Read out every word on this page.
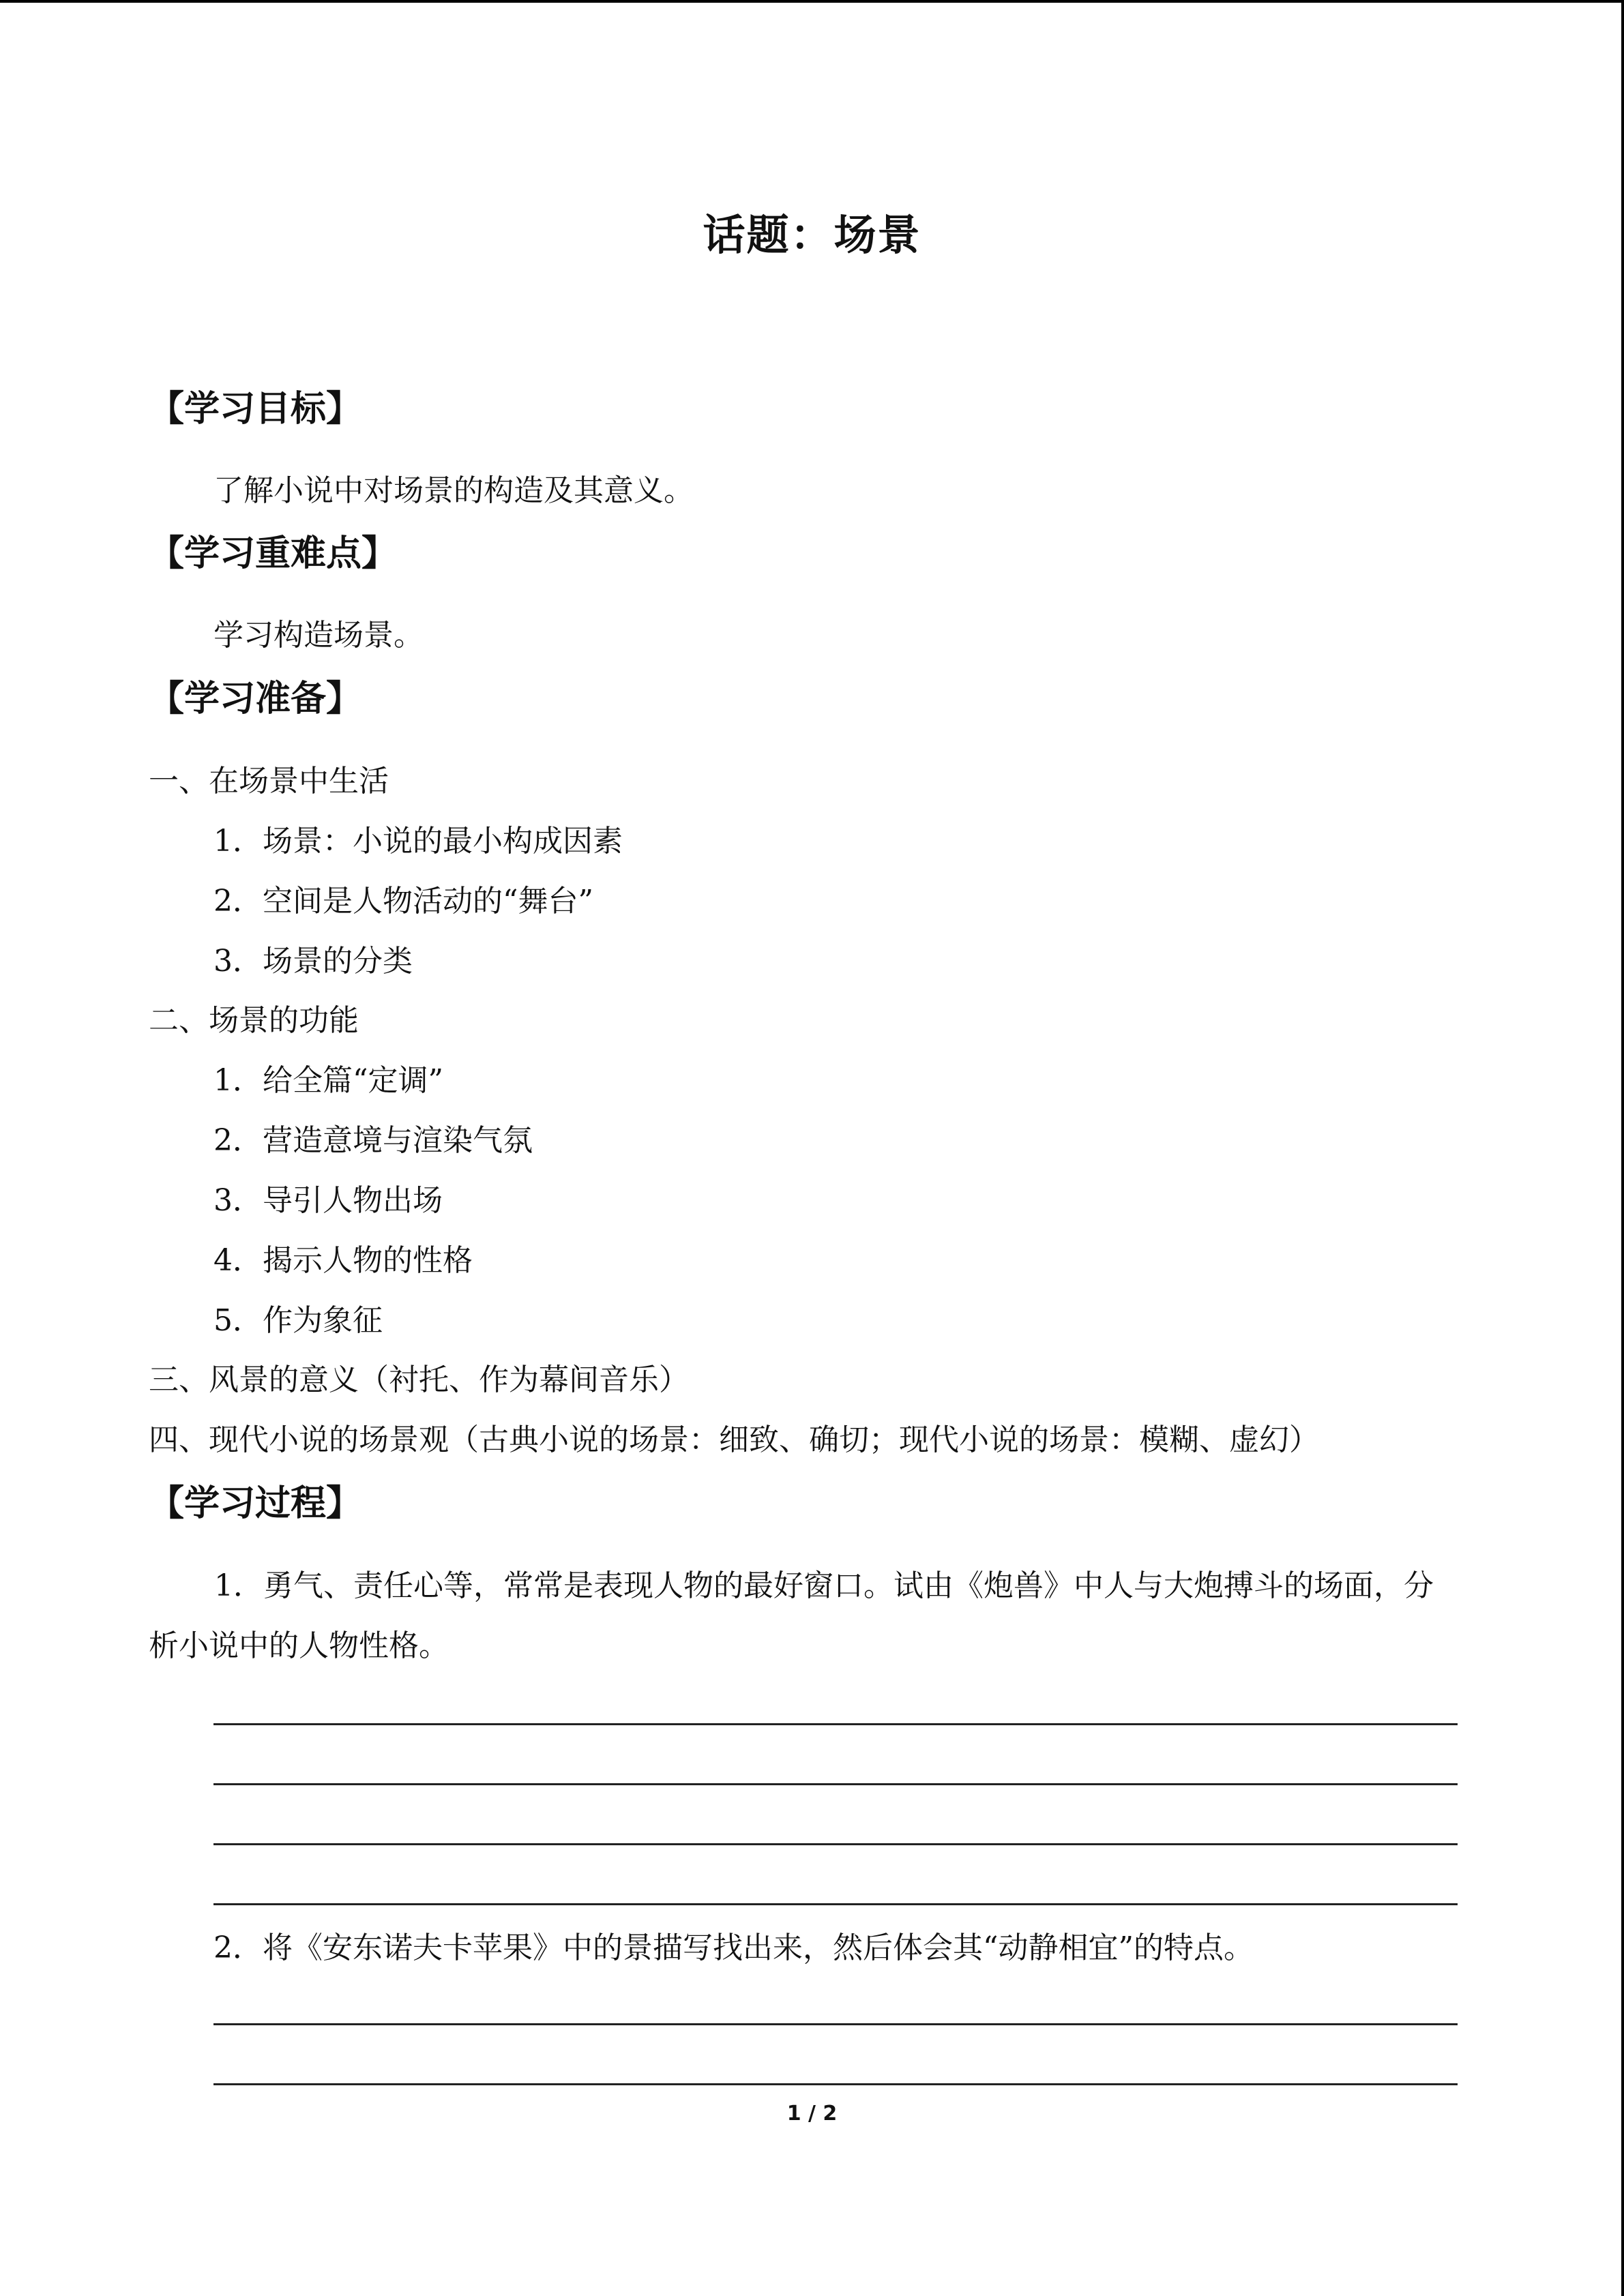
话题：场景
【学习目标】
了解小说中对场景的构造及其意义。
【学习重难点】
学习构造场景。
【学习准备】
一、在场景中生活
1．场景：小说的最小构成因素
2．空间是人物活动的“舞台”
3．场景的分类
二、场景的功能
1．给全篇“定调”
2．营造意境与渲染气氛
3．导引人物出场
4．揭示人物的性格
5．作为象征
三、风景的意义（衬托、作为幕间音乐）
四、现代小说的场景观（古典小说的场景：细致、确切；现代小说的场景：模糊、虚幻）
【学习过程】
1．勇气、责任心等，常常是表现人物的最好窗口。试由《炮兽》中人与大炮搏斗的场面，分析小说中的人物性格。
2．将《安东诺夫卡苹果》中的景描写找出来，然后体会其“动静相宜”的特点。
1 / 2
